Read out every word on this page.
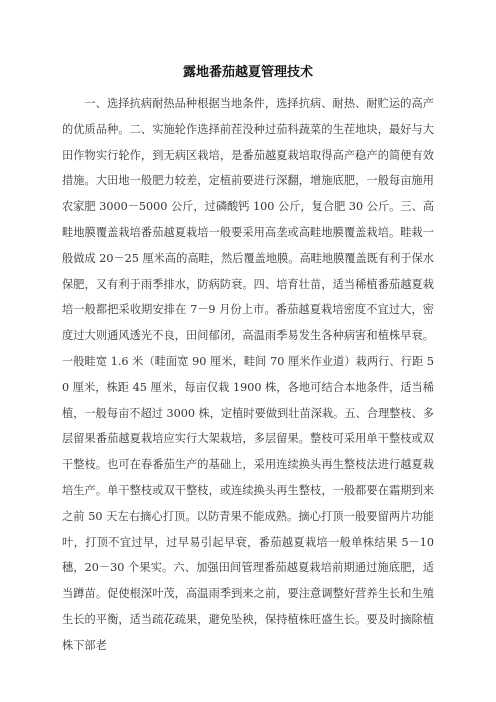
露地番茄越夏管理技术

一、选择抗病耐热品种根据当地条件，选择抗病、耐热、耐贮运的高产的优质品种。二、实施轮作选择前茬没种过茄科蔬菜的生茬地块，最好与大田作物实行轮作，到无病区栽培，是番茄越夏栽培取得高产稳产的简便有效措施。大田地一般肥力较差，定植前要进行深翻，增施底肥，一般每亩施用农家肥 3000－5000 公斤，过磷酸钙 100 公斤，复合肥 30 公斤。三、高畦地膜覆盖栽培番茄越夏栽培一般要采用高垄或高畦地膜覆盖栽培。畦栽一般做成 20－25 厘米高的高畦，然后覆盖地膜。高畦地膜覆盖既有利于保水保肥，又有利于雨季排水，防病防衰。四、培育壮苗，适当稀植番茄越夏栽培一般都把采收期安排在 7－9 月份上市。番茄越夏栽培密度不宜过大，密度过大则通风透光不良，田间郁闭，高温雨季易发生各种病害和植株早衰。一般畦宽 1.6 米（畦面宽 90 厘米，畦间 70 厘米作业道）栽两行、行距 50 厘米，株距 45 厘米，每亩仅栽 1900 株，各地可结合本地条件，适当稀植，一般每亩不超过 3000 株，定植时要做到壮苗深栽。五、合理整枝、多层留果番茄越夏栽培应实行大架栽培，多层留果。整枝可采用单干整枝或双干整枝。也可在春番茄生产的基础上，采用连续换头再生整枝法进行越夏栽培生产。单干整枝或双干整枝，或连续换头再生整枝，一般都要在霜期到来之前 50 天左右摘心打顶。以防青果不能成熟。摘心打顶一般要留两片功能叶，打顶不宜过早，过早易引起早衰，番茄越夏栽培一般单株结果 5－10 穗，20－30 个果实。六、加强田间管理番茄越夏栽培前期通过施底肥，适当蹲苗。促使根深叶茂，高温雨季到来之前，要注意调整好营养生长和生殖生长的平衡，适当疏花疏果，避免坠秧，保持植株旺盛生长。要及时摘除植株下部老
